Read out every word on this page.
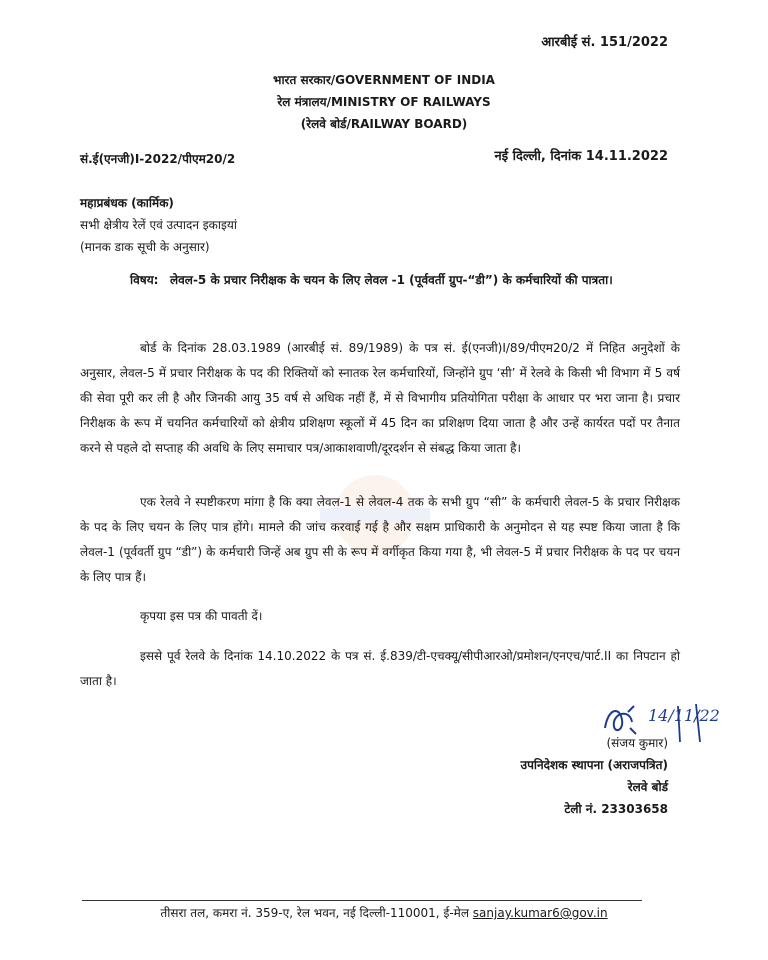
आरबीई सं. 151/2022
भारत सरकार/GOVERNMENT OF INDIA
रेल मंत्रालय/MINISTRY OF RAILWAYS
(रेलवे बोर्ड/RAILWAY BOARD)
सं.ई(एनजी)I-2022/पीएम20/2	नई दिल्ली, दिनांक 14.11.2022
महाप्रबंधक (कार्मिक)
सभी क्षेत्रीय रेलें एवं उत्पादन इकाइयां
(मानक डाक सूची के अनुसार)
विषय: लेवल-5 के प्रचार निरीक्षक के चयन के लिए लेवल -1 (पूर्ववर्ती ग्रुप-“डी”) के कर्मचारियों की पात्रता।
बोर्ड के दिनांक 28.03.1989 (आरबीई सं. 89/1989) के पत्र सं. ई(एनजी)I/89/पीएम20/2 में निहित अनुदेशों के अनुसार, लेवल-5 में प्रचार निरीक्षक के पद की रिक्तियों को स्नातक रेल कर्मचारियों, जिन्होंने ग्रुप ‘सी’ में रेलवे के किसी भी विभाग में 5 वर्ष की सेवा पूरी कर ली है और जिनकी आयु 35 वर्ष से अधिक नहीं हैं, में से विभागीय प्रतियोगिता परीक्षा के आधार पर भरा जाना है। प्रचार निरीक्षक के रूप में चयनित कर्मचारियों को क्षेत्रीय प्रशिक्षण स्कूलों में 45 दिन का प्रशिक्षण दिया जाता है और उन्हें कार्यरत पदों पर तैनात करने से पहले दो सप्ताह की अवधि के लिए समाचार पत्र/आकाशवाणी/दूरदर्शन से संबद्ध किया जाता है।
एक रेलवे ने स्पष्टीकरण मांगा है कि क्या लेवल-1 से लेवल-4 तक के सभी ग्रुप “सी” के कर्मचारी लेवल-5 के प्रचार निरीक्षक के पद के लिए चयन के लिए पात्र होंगे। मामले की जांच करवाई गई है और सक्षम प्राधिकारी के अनुमोदन से यह स्पष्ट किया जाता है कि लेवल-1 (पूर्ववर्ती ग्रुप “डी”) के कर्मचारी जिन्हें अब ग्रुप सी के रूप में वर्गीकृत किया गया है, भी लेवल-5 में प्रचार निरीक्षक के पद पर चयन के लिए पात्र हैं।
कृपया इस पत्र की पावती दें।
इससे पूर्व रेलवे के दिनांक 14.10.2022 के पत्र सं. ई.839/टी-एचक्यू/सीपीआरओ/प्रमोशन/एनएच/पार्ट.II का निपटान हो जाता है।
14/11/22
(संजय कुमार)
उपनिदेशक स्थापना (अराजपत्रित)
रेलवे बोर्ड
टेली नं. 23303658
तीसरा तल, कमरा नं. 359-ए, रेल भवन, नई दिल्ली-110001, ई-मेल sanjay.kumar6@gov.in
